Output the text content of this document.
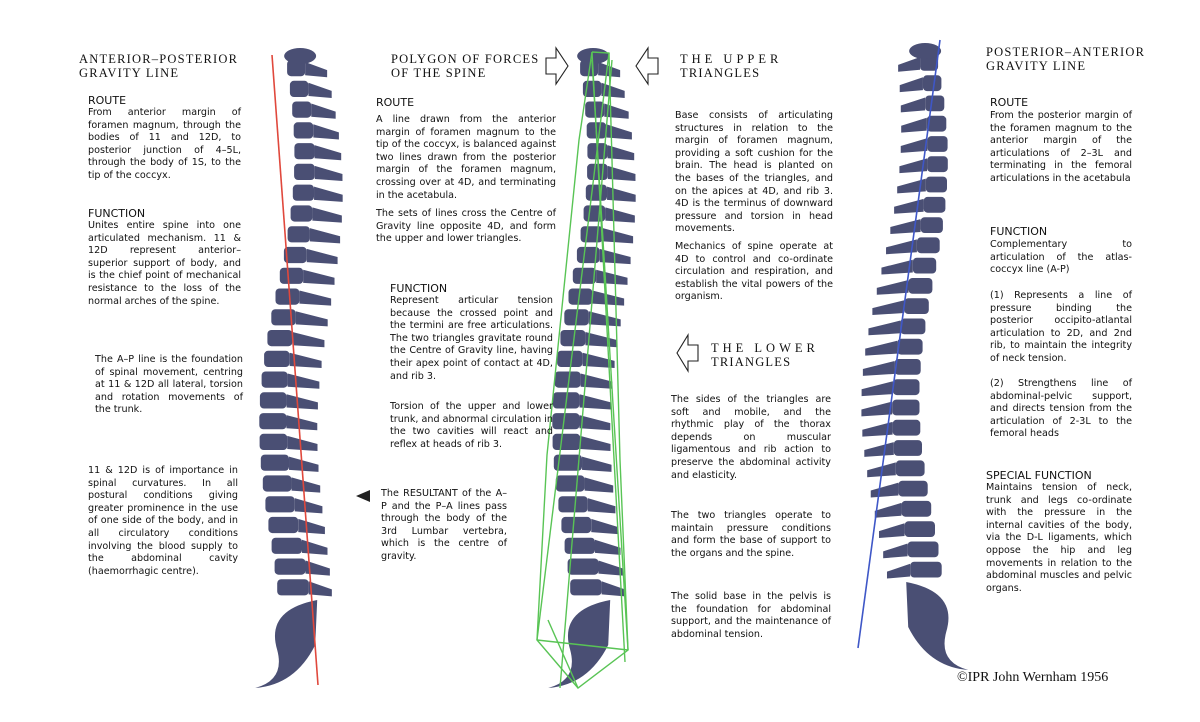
ANTERIOR–POSTERIOR
GRAVITY LINE
ROUTE
From anterior margin of foramen magnum, through the bodies of 11 and 12D, to posterior junction of 4–5L, through the body of 1S, to the tip of the coccyx.
FUNCTION
Unites entire spine into one articulated mechanism. 11 & 12D represent anterior–superior support of body, and is the chief point of mechanical resistance to the loss of the normal arches of the spine.
The A–P line is the foundation of spinal movement, centring at 11 & 12D all lateral, torsion and rotation movements of the trunk.
11 & 12D is of importance in spinal curvatures. In all postural conditions giving greater prominence in the use of one side of the body, and in all circulatory conditions involving the blood supply to the abdominal cavity (haemorrhagic centre).
POLYGON OF FORCES
OF THE SPINE
ROUTE
A line drawn from the anterior margin of foramen magnum to the tip of the coccyx, is balanced against two lines drawn from the posterior margin of the foramen magnum, crossing over at 4D, and terminating in the acetabula.
The sets of lines cross the Centre of Gravity line opposite 4D, and form the upper and lower triangles.
FUNCTION
Represent articular tension because the crossed point and the termini are free articulations. The two triangles gravitate round the Centre of Gravity line, having their apex point of contact at 4D, and rib 3.
Torsion of the upper and lower trunk, and abnormal circulation in the two cavities will react and reflex at heads of rib 3.
The RESULTANT of the A–P and the P–A lines pass through the body of the 3rd Lumbar vertebra, which is the centre of gravity.
THE UPPER
TRIANGLES
Base consists of articulating structures in relation to the margin of foramen magnum, providing a soft cushion for the brain. The head is planted on the bases of the triangles, and on the apices at 4D, and rib 3. 4D is the terminus of downward pressure and torsion in head movements.
Mechanics of spine operate at 4D to control and co-ordinate circulation and respiration, and establish the vital powers of the organism.
THE LOWER
TRIANGLES
The sides of the triangles are soft and mobile, and the rhythmic play of the thorax depends on muscular ligamentous and rib action to preserve the abdominal activity and elasticity.
The two triangles operate to maintain pressure conditions and form the base of support to the organs and the spine.
The solid base in the pelvis is the foundation for abdominal support, and the maintenance of abdominal tension.
POSTERIOR–ANTERIOR
GRAVITY LINE
ROUTE
From the posterior margin of the foramen magnum to the anterior margin of the articulations of 2–3L and terminating in the femoral articulations in the acetabula
FUNCTION
Complementary to articulation of the atlas-coccyx line (A-P)
(1) Represents a line of pressure binding the posterior occipito-atlantal articulation to 2D, and 2nd rib, to maintain the integrity of neck tension.
(2) Strengthens line of abdominal-pelvic support, and directs tension from the articulation of 2-3L to the femoral heads
SPECIAL FUNCTION
Maintains tension of neck, trunk and legs co-ordinate with the pressure in the internal cavities of the body, via the D-L ligaments, which oppose the hip and leg movements in relation to the abdominal muscles and pelvic organs.
©IPR John Wernham 1956
